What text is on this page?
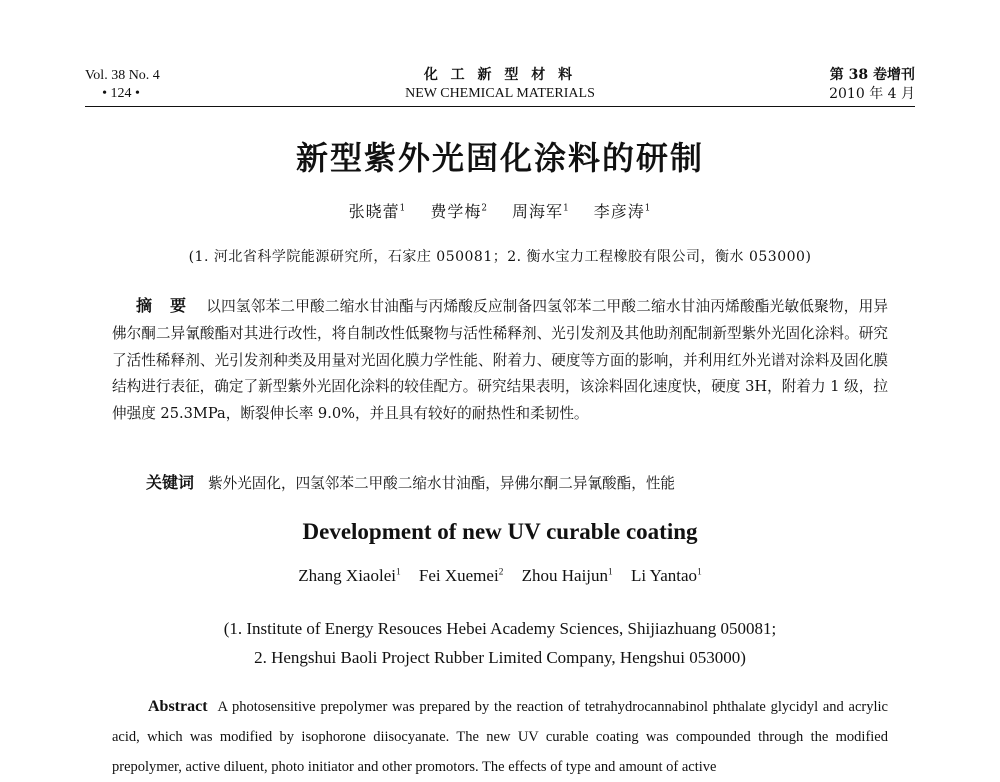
Vol. 38 No. 4
• 124 •
化 工 新 型 材 料
NEW CHEMICAL MATERIALS
第 38 卷增刊
2010 年 4 月
新型紫外光固化涂料的研制
张晓蕾$^1$ 费学梅$^2$ 周海军$^1$ 李彦涛$^1$
(1. 河北省科学院能源研究所，石家庄 050081；2. 衡水宝力工程橡胶有限公司，衡水 053000)
摘 要 以四氢邻苯二甲酸二缩水甘油酯与丙烯酸反应制备四氢邻苯二甲酸二缩水甘油丙烯酸酯光敏低聚物，用异佛尔酮二异氰酸酯对其进行改性，将自制改性低聚物与活性稀释剂、光引发剂及其他助剂配制新型紫外光固化涂料。研究了活性稀释剂、光引发剂种类及用量对光固化膜力学性能、附着力、硬度等方面的影响，并利用红外光谱对涂料及固化膜结构进行表征，确定了新型紫外光固化涂料的较佳配方。研究结果表明，该涂料固化速度快，硬度 3H，附着力 1 级，拉伸强度 25.3MPa，断裂伸长率 9.0%，并且具有较好的耐热性和柔韧性。
关键词 紫外光固化，四氢邻苯二甲酸二缩水甘油酯，异佛尔酮二异氰酸酯，性能
Development of new UV curable coating
Zhang Xiaolei$^1$ Fei Xuemei$^2$ Zhou Haijun$^1$ Li Yantao$^1$
(1. Institute of Energy Resouces Hebei Academy Sciences, Shijiazhuang 050081;
2. Hengshui Baoli Project Rubber Limited Company, Hengshui 053000)
Abstract A photosensitive prepolymer was prepared by the reaction of tetrahydrocannabinol phthalate glycidyl and acrylic acid, which was modified by isophorone diisocyanate. The new UV curable coating was compounded through the modified prepolymer, active diluent, photo initiator and other promotors. The effects of type and amount of active
